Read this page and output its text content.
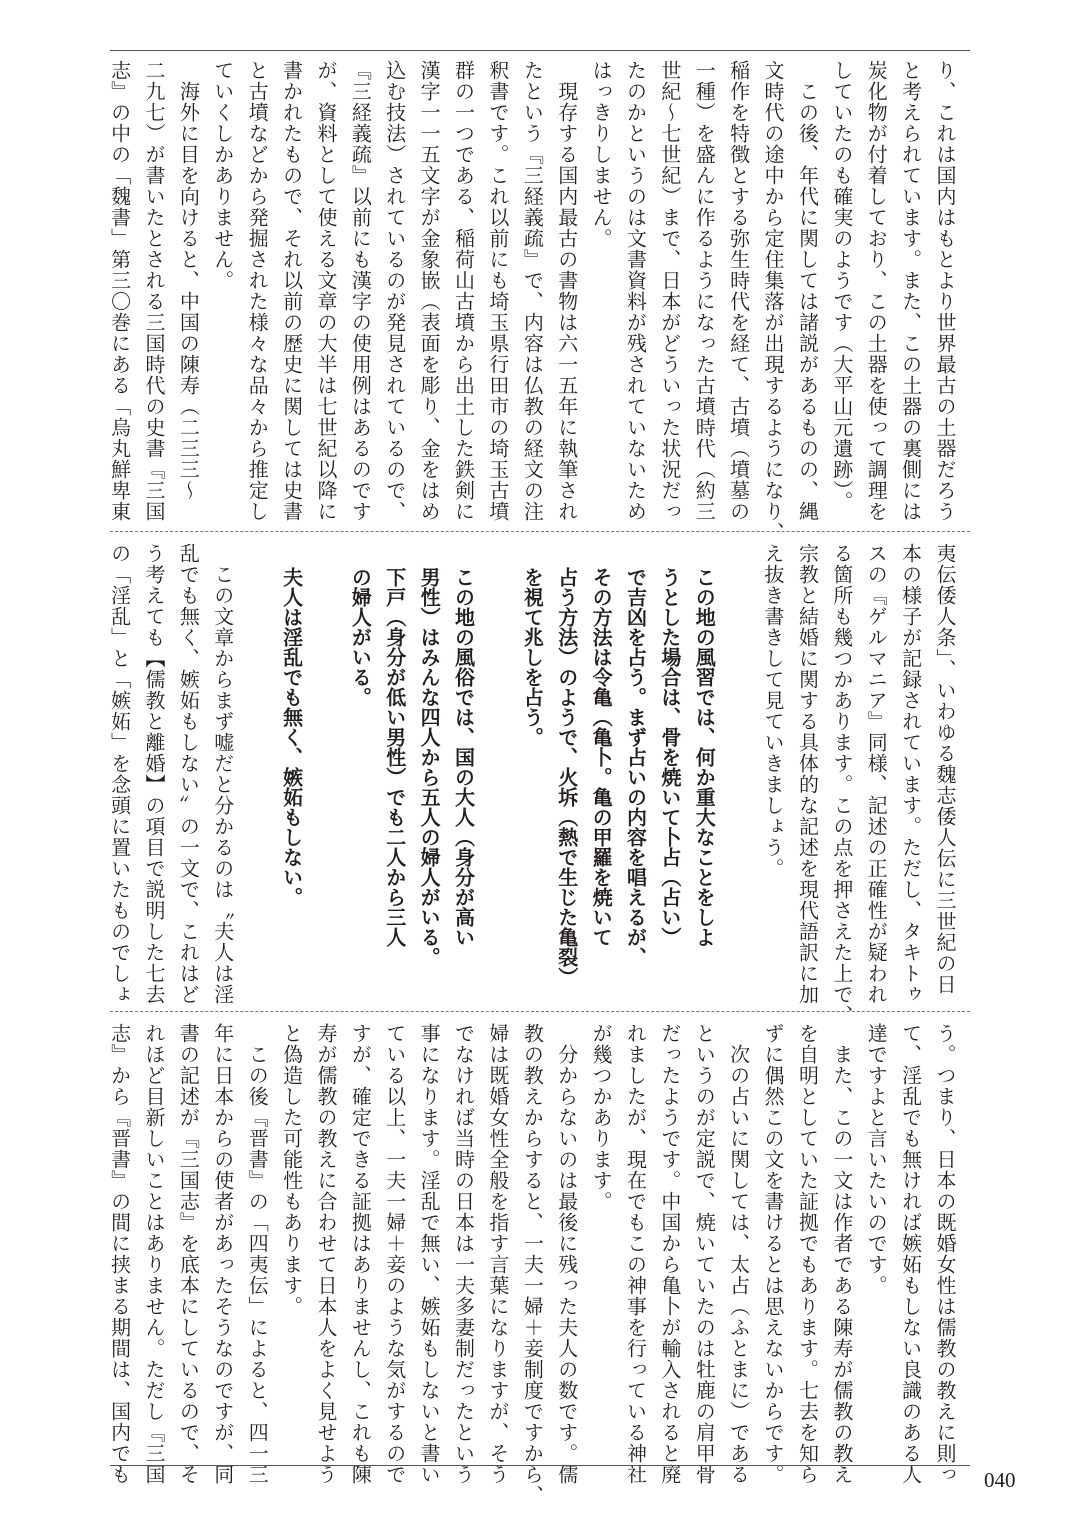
り、これは国内はもとより世界最古の土器だろう
と考えられています。また、この土器の裏側には
炭化物が付着しており、この土器を使って調理を
していたのも確実のようです（大平山元遺跡）。
　この後、年代に関しては諸説があるものの、縄
文時代の途中から定住集落が出現するようになり、
稲作を特徴とする弥生時代を経て、古墳（墳墓の
一種）を盛んに作るようになった古墳時代（約三
世紀〜七世紀）まで、日本がどういった状況だっ
たのかというのは文書資料が残されていないため
はっきりしません。
　現存する国内最古の書物は六一五年に執筆され
たという『三経義疏』で、内容は仏教の経文の注
釈書です。これ以前にも埼玉県行田市の埼玉古墳
群の一つである、稲荷山古墳から出土した鉄剣に
漢字一一五文字が金象嵌（表面を彫り、金をはめ
込む技法）されているのが発見されているので、
『三経義疏』以前にも漢字の使用例はあるのです
が、資料として使える文章の大半は七世紀以降に
書かれたもので、それ以前の歴史に関しては史書
と古墳などから発掘された様々な品々から推定し
ていくしかありません。
　海外に目を向けると、中国の陳寿（二三三〜
二九七）が書いたとされる三国時代の史書『三国
志』の中の「魏書」第三〇巻にある「烏丸鮮卑東
夷伝倭人条」、いわゆる魏志倭人伝に三世紀の日
本の様子が記録されています。ただし、タキトゥ
スの『ゲルマニア』同様、記述の正確性が疑われ
る箇所も幾つかあります。この点を押さえた上で、
宗教と結婚に関する具体的な記述を現代語訳に加
え抜き書きして見ていきましょう。
この地の風習では、何か重大なことをしよ
うとした場合は、骨を焼いて卜占（占い）
で吉凶を占う。まず占いの内容を唱えるが、
その方法は令亀（亀卜。亀の甲羅を焼いて
占う方法）のようで、火坼（熱で生じた亀裂）
を視て兆しを占う。
この地の風俗では、国の大人（身分が高い
男性）はみんな四人から五人の婦人がいる。
下戸（身分が低い男性）でも二人から三人
の婦人がいる。
夫人は淫乱でも無く、嫉妬もしない。
　この文章からまず嘘だと分かるのは〝夫人は淫
乱でも無く、嫉妬もしない〟の一文で、これはど
う考えても【儒教と離婚】の項目で説明した七去
の「淫乱」と「嫉妬」を念頭に置いたものでしょ
う。つまり、日本の既婚女性は儒教の教えに則っ
て、淫乱でも無ければ嫉妬もしない良識のある人
達ですよと言いたいのです。
　また、この一文は作者である陳寿が儒教の教え
を自明としていた証拠でもあります。七去を知ら
ずに偶然この文を書けるとは思えないからです。
　次の占いに関しては、太占（ふとまに）である
というのが定説で、焼いていたのは牡鹿の肩甲骨
だったようです。中国から亀卜が輸入されると廃
れましたが、現在でもこの神事を行っている神社
が幾つかあります。
　分からないのは最後に残った夫人の数です。儒
教の教えからすると、一夫一婦＋妾制度ですから、
婦は既婚女性全般を指す言葉になりますが、そう
でなければ当時の日本は一夫多妻制だったという
事になります。淫乱で無い、嫉妬もしないと書い
ている以上、一夫一婦＋妾のような気がするので
すが、確定できる証拠はありませんし、これも陳
寿が儒教の教えに合わせて日本人をよく見せよう
と偽造した可能性もあります。
　この後『晋書』の「四夷伝」によると、四一三
年に日本からの使者があったそうなのですが、同
書の記述が『三国志』を底本にしているので、そ
れほど目新しいことはありません。ただし『三国
志』から『晋書』の間に挟まる期間は、国内でも	040
